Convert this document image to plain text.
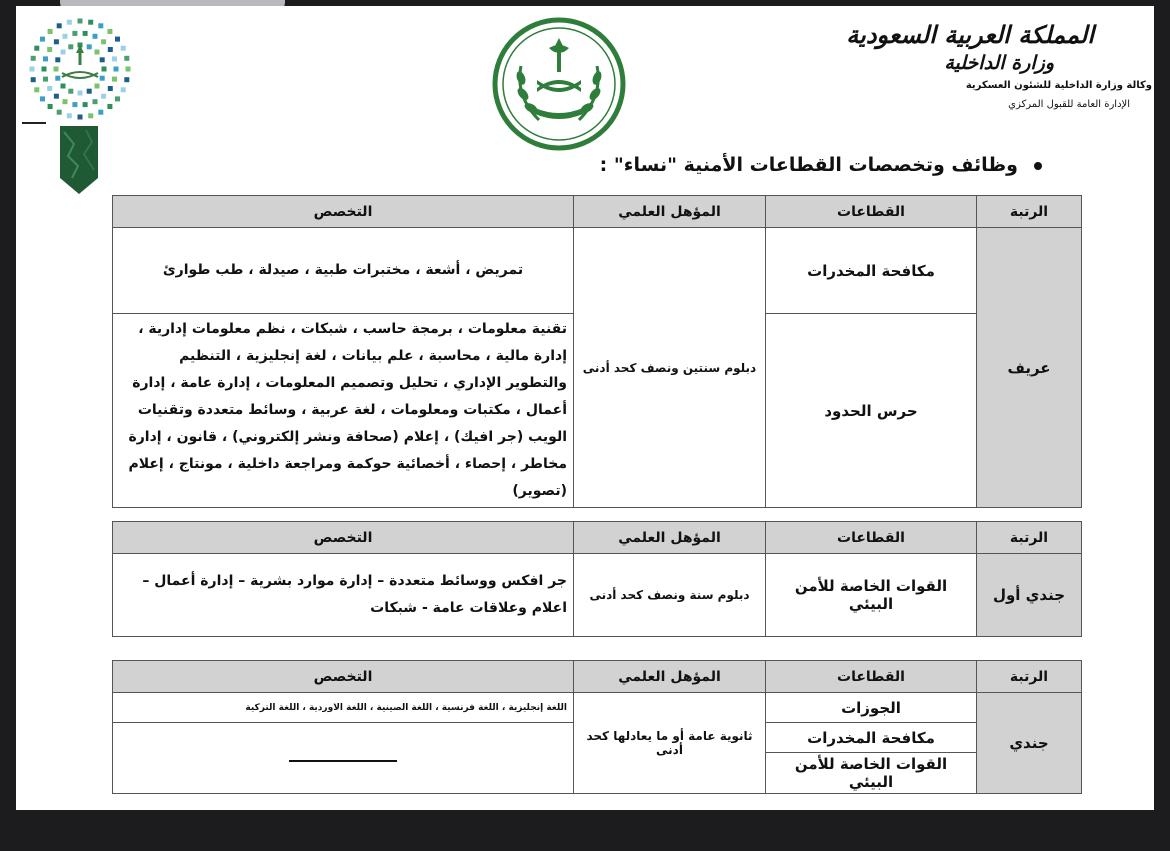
المملكة العربية السعودية
وزارة الداخلية
وكالة وزارة الداخلية للشئون العسكرية
الإدارة العامة للقبول المركزي
وظائف وتخصصات القطاعات الأمنية "نساء" :
الرتبة	القطاعات	المؤهل العلمي	التخصص
عريف	مكافحة المخدرات	دبلوم سنتين ونصف كحد أدنى	تمريض ، أشعة ، مختبرات طبية ، صيدلة ، طب طوارئ
	حرس الحدود		تقنية معلومات ، برمجة حاسب ، شبكات ، نظم معلومات إدارية ، إدارة مالية ، محاسبة ، علم بيانات ، لغة إنجليزية ، التنظيم والتطوير الإداري ، تحليل وتصميم المعلومات ، إدارة عامة ، إدارة أعمال ، مكتبات ومعلومات ، لغة عربية ، وسائط متعددة وتقنيات الويب (جر افيك) ، إعلام (صحافة ونشر إلكتروني) ، قانون ، إدارة مخاطر ، إحصاء ، أخصائية حوكمة ومراجعة داخلية ، مونتاج ، إعلام (تصوير)
الرتبة	القطاعات	المؤهل العلمي	التخصص
جندي أول	القوات الخاصة للأمن البيئي	دبلوم سنة ونصف كحد أدنى	جر افكس ووسائط متعددة – إدارة موارد بشرية – إدارة أعمال – اعلام وعلاقات عامة - شبكات
الرتبة	القطاعات	المؤهل العلمي	التخصص
جندي	الجوزات	ثانوية عامة أو ما يعادلها كحد أدنى	اللغة إنجليزية ، اللغة فرنسية ، اللغة الصينية ، اللغة الاوردية ، اللغة التركية
	مكافحة المخدرات		
	القوات الخاصة للأمن البيئي		
